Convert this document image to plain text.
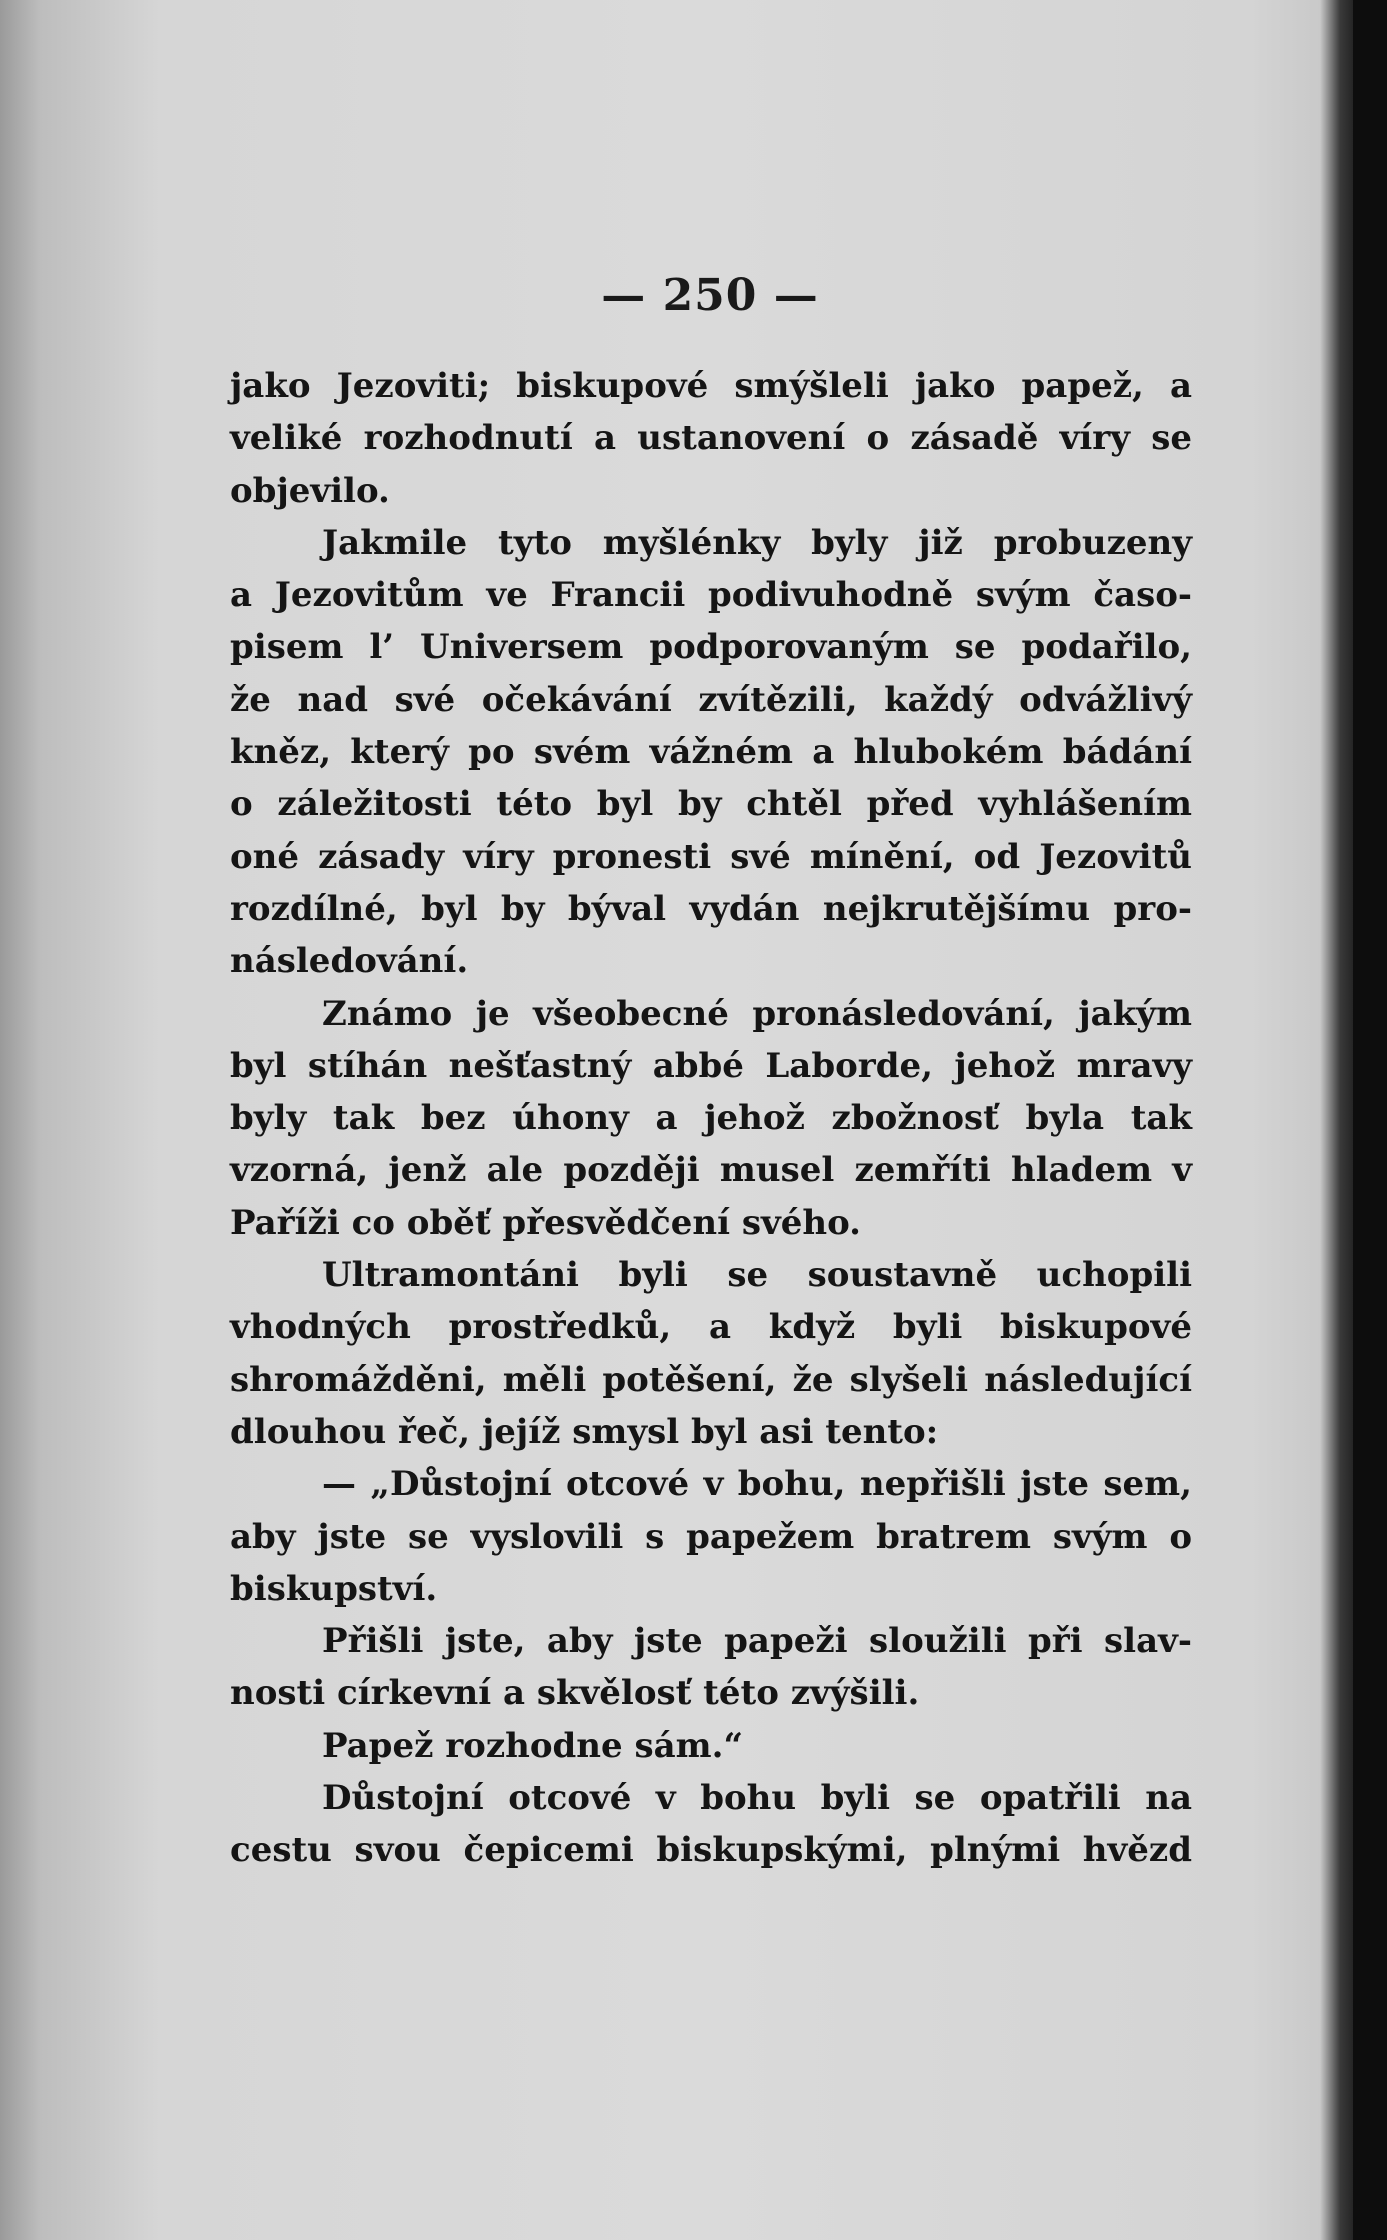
— 250 —
jako Jezoviti; biskupové smýšleli jako papež, a
veliké rozhodnutí a ustanovení o zásadě víry se
objevilo.
Jakmile tyto myšlénky byly již probuzeny
a Jezovitům ve Francii podivuhodně svým časo-
pisem l’ Universem podporovaným se podařilo,
že nad své očekávání zvítězili, každý odvážlivý
kněz, který po svém vážném a hlubokém bádání
o záležitosti této byl by chtěl před vyhlášením
oné zásady víry pronesti své mínění, od Jezovitů
rozdílné, byl by býval vydán nejkrutějšímu pro-
následování.
Známo je všeobecné pronásledování, jakým
byl stíhán nešťastný abbé Laborde, jehož mravy
byly tak bez úhony a jehož zbožnosť byla tak
vzorná, jenž ale později musel zemříti hladem v
Paříži co oběť přesvědčení svého.
Ultramontáni byli se soustavně uchopili
vhodných prostředků, a když byli biskupové
shromážděni, měli potěšení, že slyšeli následující
dlouhou řeč, jejíž smysl byl asi tento:
— „Důstojní otcové v bohu, nepřišli jste sem,
aby jste se vyslovili s papežem bratrem svým o
biskupství.
Přišli jste, aby jste papeži sloužili při slav-
nosti církevní a skvělosť této zvýšili.
Papež rozhodne sám.“
Důstojní otcové v bohu byli se opatřili na
cestu svou čepicemi biskupskými, plnými hvězd
